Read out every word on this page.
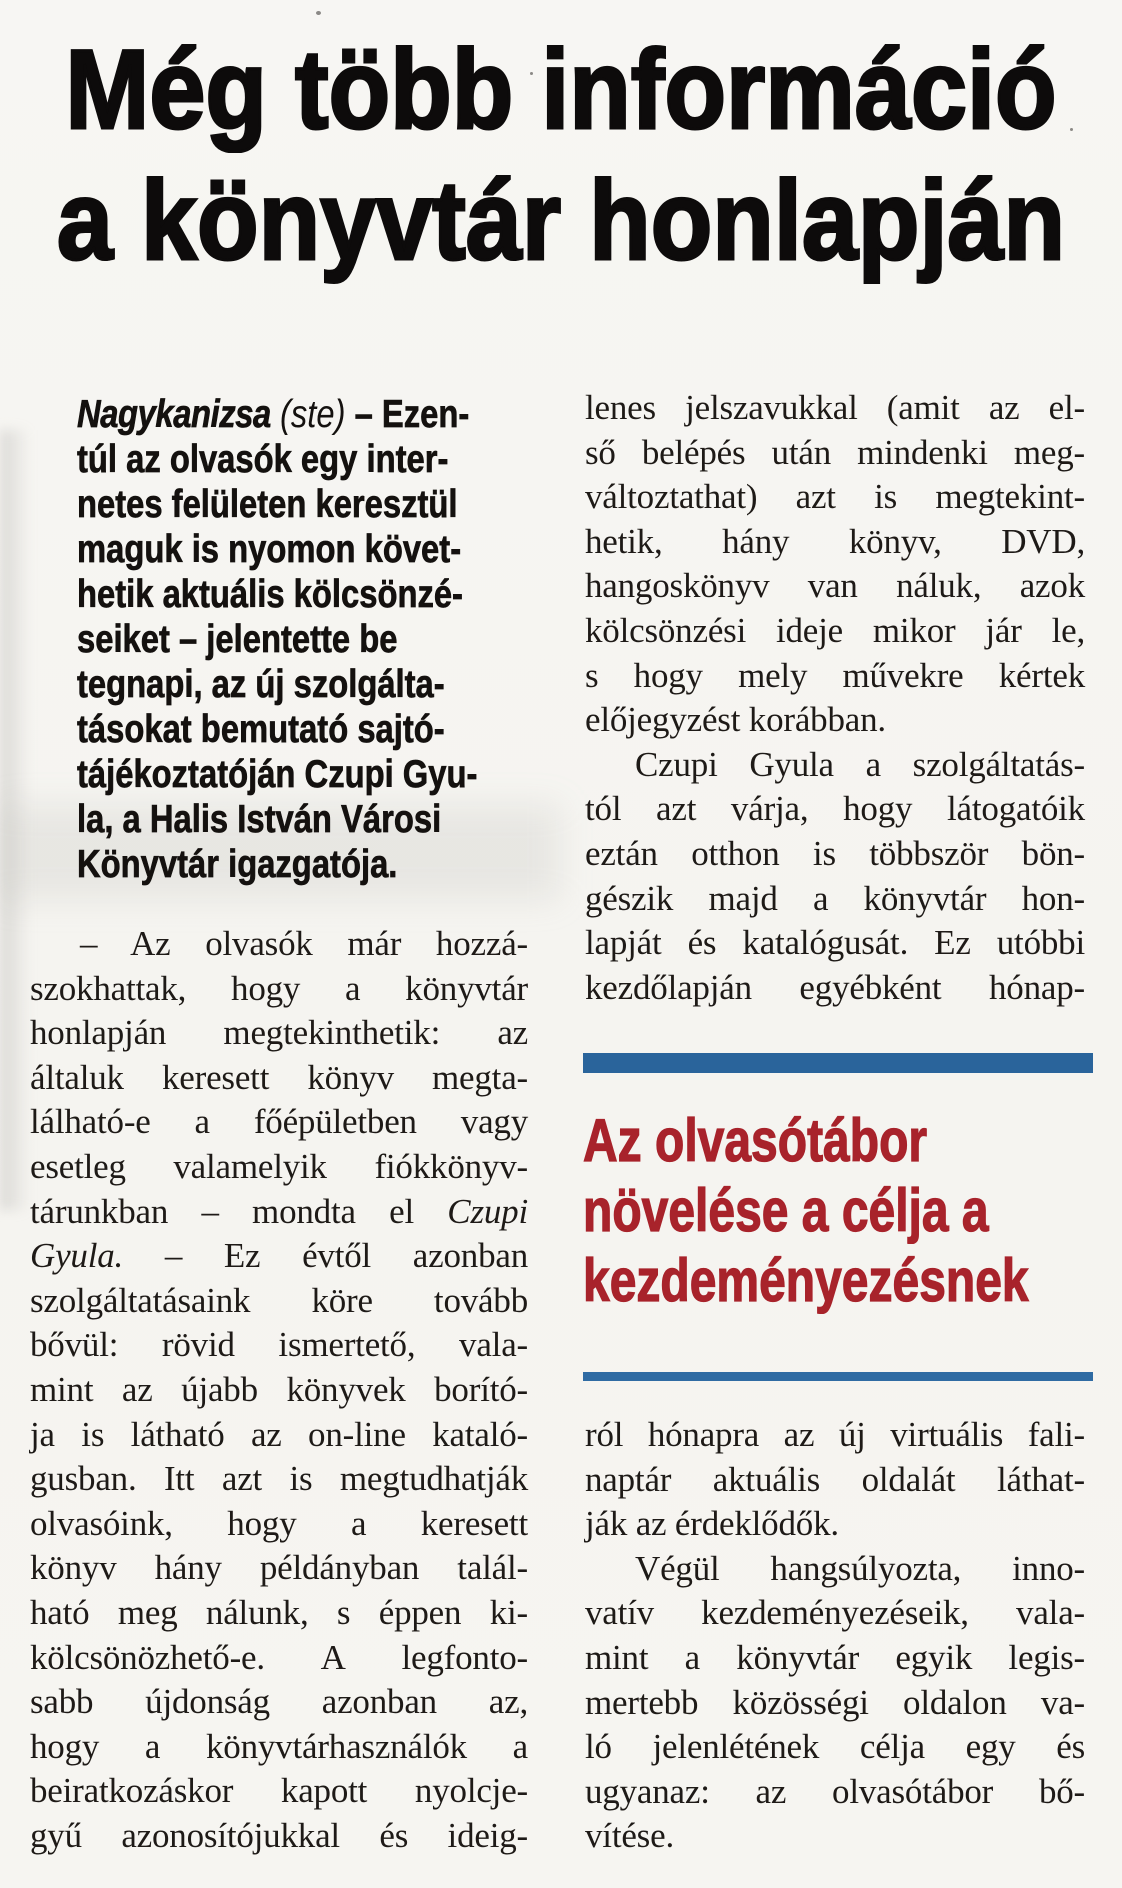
Még több információ
a könyvtár honlapján
Nagykanizsa (ste) – Ezen-
túl az olvasók egy inter-
netes felületen keresztül
maguk is nyomon követ-
hetik aktuális kölcsönzé-
seiket – jelentette be
tegnapi, az új szolgálta-
tásokat bemutató sajtó-
tájékoztatóján Czupi Gyu-
la, a Halis István Városi
Könyvtár igazgatója.
– Az olvasók már hozzá-
szokhattak, hogy a könyvtár
honlapján megtekinthetik: az
általuk keresett könyv megta-
lálható-e a főépületben vagy
esetleg valamelyik fiókkönyv-
tárunkban – mondta el Czupi
Gyula. – Ez évtől azonban
szolgáltatásaink köre tovább
bővül: rövid ismertető, vala-
mint az újabb könyvek borító-
ja is látható az on-line kataló-
gusban. Itt azt is megtudhatják
olvasóink, hogy a keresett
könyv hány példányban talál-
ható meg nálunk, s éppen ki-
kölcsönözhető-e. A legfonto-
sabb újdonság azonban az,
hogy a könyvtárhasználók a
beiratkozáskor kapott nyolcje-
gyű azonosítójukkal és ideig-
lenes jelszavukkal (amit az el-
ső belépés után mindenki meg-
változtathat) azt is megtekint-
hetik, hány könyv, DVD,
hangoskönyv van náluk, azok
kölcsönzési ideje mikor jár le,
s hogy mely művekre kértek
előjegyzést korábban.
Czupi Gyula a szolgáltatás-
tól azt várja, hogy látogatóik
eztán otthon is többször bön-
gészik majd a könyvtár hon-
lapját és katalógusát. Ez utóbbi
kezdőlapján egyébként hónap-
Az olvasótábor
növelése a célja a
kezdeményezésnek
ról hónapra az új virtuális fali-
naptár aktuális oldalát láthat-
ják az érdeklődők.
Végül hangsúlyozta, inno-
vatív kezdeményezéseik, vala-
mint a könyvtár egyik legis-
mertebb közösségi oldalon va-
ló jelenlétének célja egy és
ugyanaz: az olvasótábor bő-
vítése.
